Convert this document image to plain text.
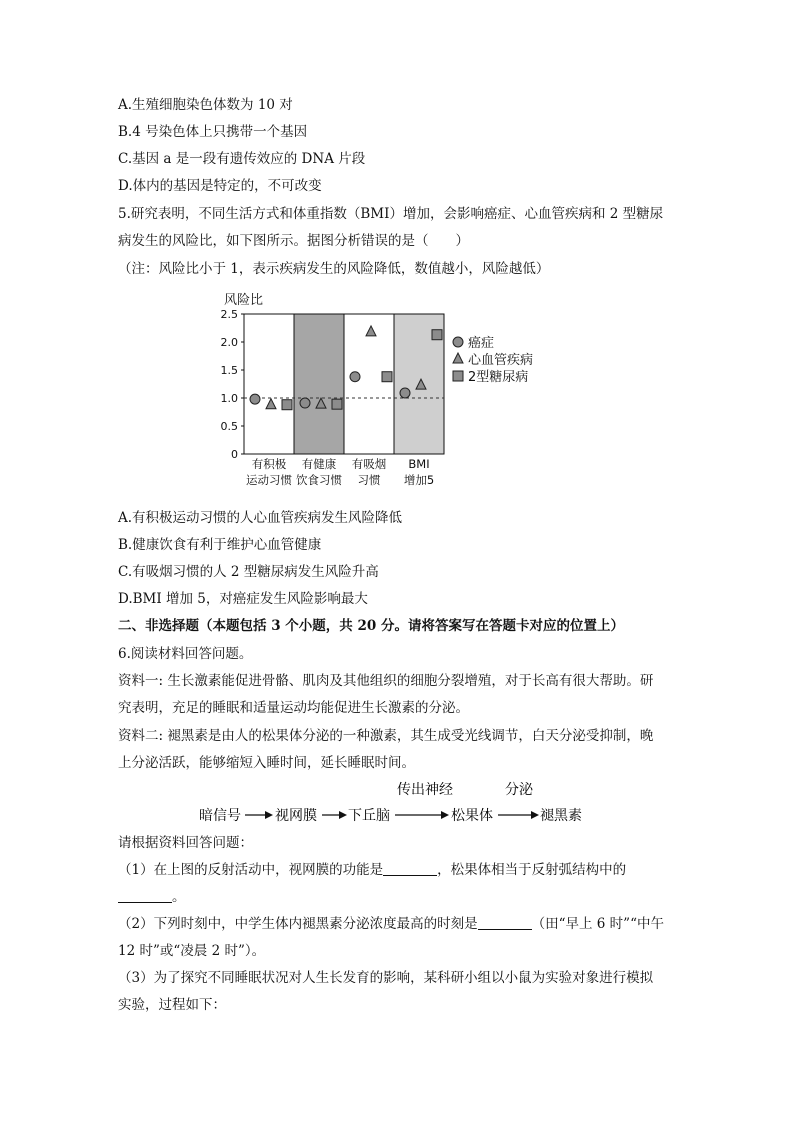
A.生殖细胞染色体数为 10 对
B.4 号染色体上只携带一个基因
C.基因 a 是一段有遗传效应的 DNA 片段
D.体内的基因是特定的，不可改变
5.研究表明，不同生活方式和体重指数（BMI）增加，会影响癌症、心血管疾病和 2 型糖尿
病发生的风险比，如下图所示。据图分析错误的是（　　）
（注：风险比小于 1，表示疾病发生的风险降低，数值越小，风险越低）
风险比
2.5
2.0
1.5
1.0
0.5
0
有积极
运动习惯
有健康
饮食习惯
有吸烟
习惯
BMI
增加5
癌症
心血管疾病
2型糖尿病
A.有积极运动习惯的人心血管疾病发生风险降低
B.健康饮食有利于维护心血管健康
C.有吸烟习惯的人 2 型糖尿病发生风险升高
D.BMI 增加 5，对癌症发生风险影响最大
二、非选择题（本题包括 3 个小题，共 20 分。请将答案写在答题卡对应的位置上）
6.阅读材料回答问题。
资料一: 生长激素能促进骨骼、肌肉及其他组织的细胞分裂增殖，对于长高有很大帮助。研
究表明，充足的睡眠和适量运动均能促进生长激素的分泌。
资料二: 褪黑素是由人的松果体分泌的一种激素，其生成受光线调节，白天分泌受抑制，晚
上分泌活跃，能够缩短入睡时间，延长睡眠时间。
暗信号 视网膜 下丘脑
传出神经
松果体
分泌
褪黑素
请根据资料回答问题：
（1）在上图的反射活动中，视网膜的功能是	，松果体相当于反射弧结构中的
。
（2）下列时刻中，中学生体内褪黑素分泌浓度最高的时刻是	（田“早上 6 时”“中午
12 时”或“凌晨 2 时”）。
（3）为了探究不同睡眠状况对人生长发育的影响，某科研小组以小鼠为实验对象进行模拟
实验，过程如下：
